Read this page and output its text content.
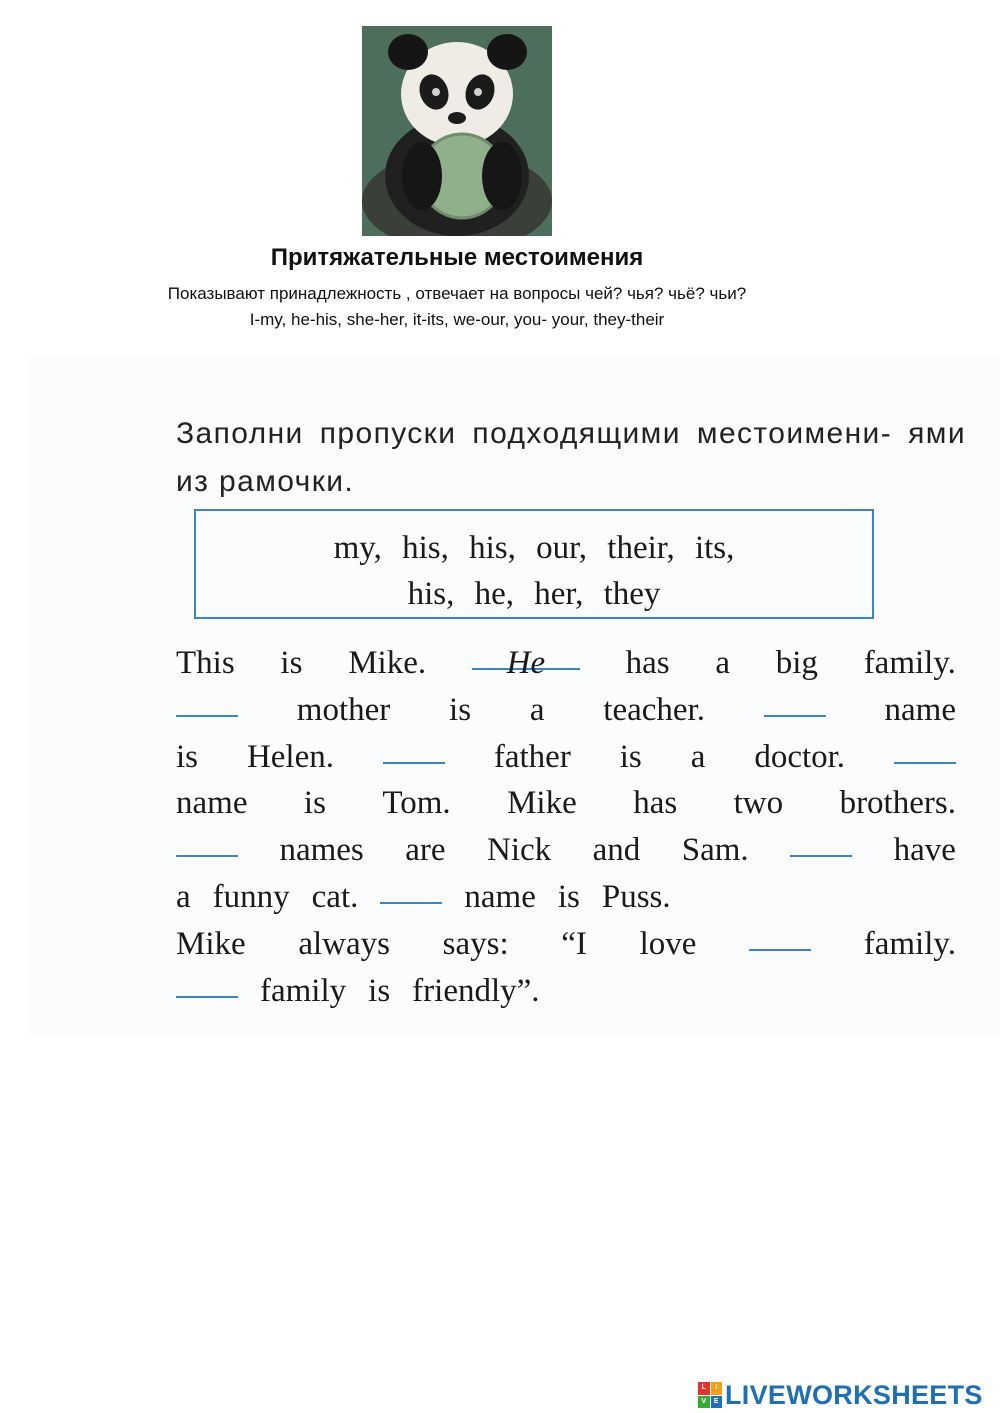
Притяжательные местоимения
Показывают принадлежность , отвечает на вопросы чей? чья? чьё? чьи?
I-my, he-his, she-her, it-its, we-our, you- your, they-their
Заполни пропуски подходящими местоимени- ями из рамочки.
my, his, his, our, their, its,
his, he, her, they
This is Mike.	He	has a big family.
mother is a teacher.	name
is Helen.	father is a doctor.
name is Tom. Mike has two brothers.
names are Nick and Sam.	have
a funny cat.	name is Puss.
Mike always says: “I love	family.
family is friendly”.
L	I
V	E LIVEWORKSHEETS
